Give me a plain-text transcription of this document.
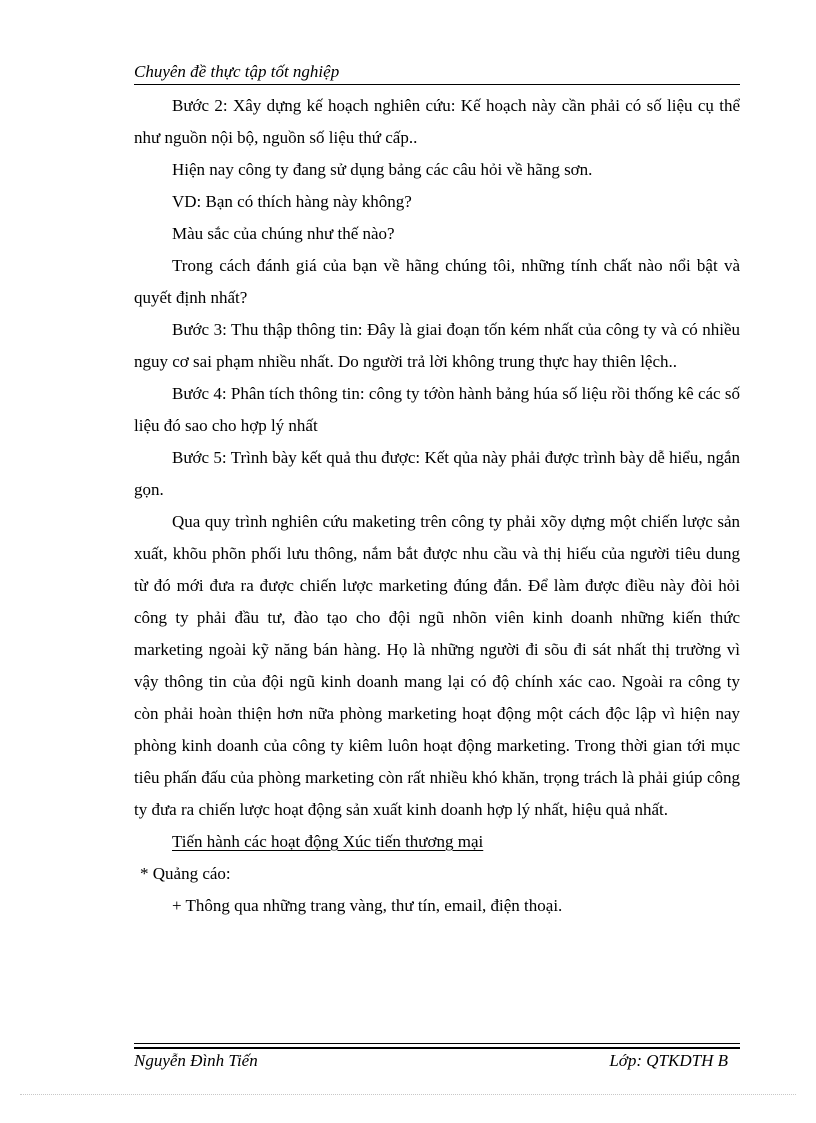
Chuyên đề thực tập tốt nghiệp

Bước 2: Xây dựng kế hoạch nghiên cứu: Kế hoạch này cần phải có số liệu cụ thể như nguồn nội bộ, nguồn số liệu thứ cấp..

Hiện nay công ty đang sử dụng bảng các câu hỏi về hãng sơn.

VD: Bạn có thích hàng này không?

Màu sắc của chúng như thế nào?

Trong cách đánh giá của bạn về hãng chúng tôi, những tính chất nào nổi bật và quyết định nhất?

Bước 3: Thu thập thông tin: Đây là giai đoạn tốn kém nhất của công ty và có nhiều nguy cơ sai phạm nhiều nhất. Do người trả lời không trung thực hay thiên lệch..

Bước 4: Phân tích thông tin: công ty tớòn hành bảng húa số liệu rồi thống kê các số liệu đó sao cho hợp lý nhất

Bước 5: Trình bày kết quả thu được: Kết qủa này phải được trình bày dễ hiểu, ngắn gọn.

Qua quy trình nghiên cứu maketing trên công ty phải xõy dựng một chiến lược sản xuất, khõu phõn phối lưu thông, nắm bắt được nhu cầu và thị hiếu của người tiêu dung từ đó mới đưa ra được chiến lược marketing đúng đắn. Để làm được điều này đòi hỏi công ty phải đầu tư, đào tạo cho đội ngũ nhõn viên kinh doanh những kiến thức marketing ngoài kỹ năng bán hàng. Họ là những người đi sõu đi sát nhất thị trường vì vậy thông tin của đội ngũ kinh doanh mang lại có độ chính xác cao. Ngoài ra công ty còn phải hoàn thiện hơn nữa phòng marketing hoạt động một cách độc lập vì hiện nay phòng kinh doanh của công ty kiêm luôn hoạt động marketing. Trong thời gian tới mục tiêu phấn đấu của phòng marketing còn rất nhiều khó khăn, trọng trách là phải giúp công ty đưa ra chiến lược hoạt động sản xuất kinh doanh hợp lý nhất, hiệu quả nhất.

Tiến hành các hoạt động Xúc tiến thương mại

* Quảng cáo:

+ Thông qua những trang vàng, thư tín, email, điện thoại.

Nguyễn Đình Tiến	Lớp: QTKDTH B
